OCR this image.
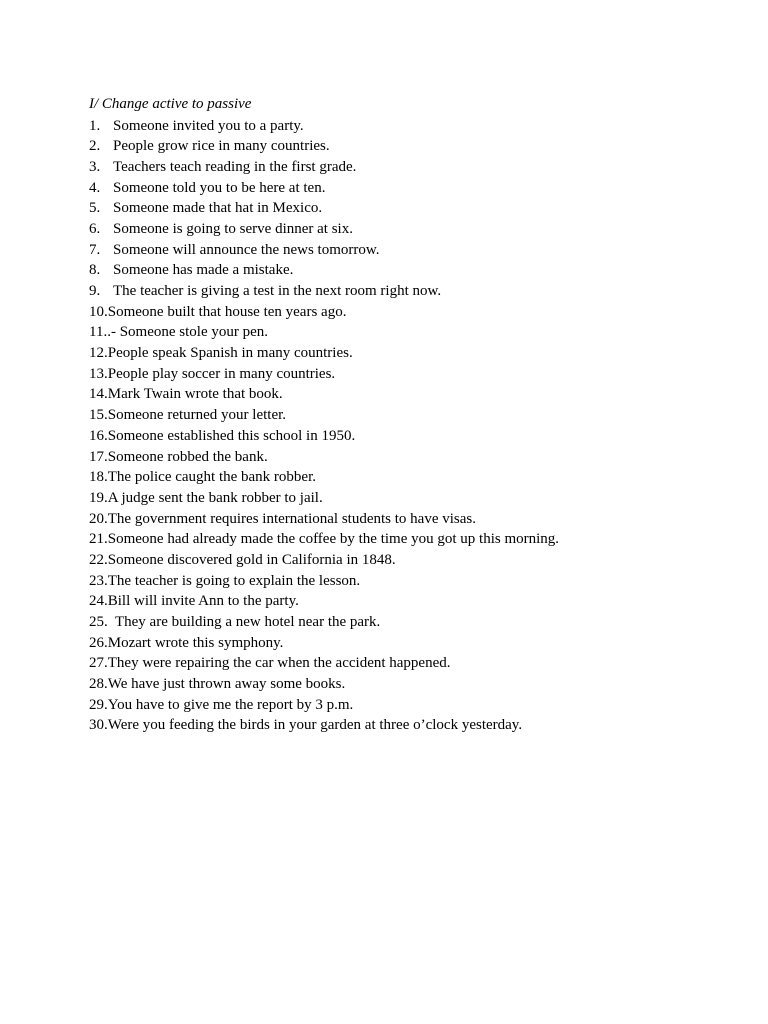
I/ Change active to passive
1. Someone invited you to a party.
2. People grow rice in many countries.
3. Teachers teach reading in the first grade.
4. Someone told you to be here at ten.
5. Someone made that hat in Mexico.
6. Someone is going to serve dinner at six.
7. Someone will announce the news tomorrow.
8. Someone has made a mistake.
9. The teacher is giving a test in the next room right now.
10. Someone built that house ten years ago.
11..- Someone stole your pen.
12. People speak Spanish in many countries.
13. People play soccer in many countries.
14. Mark Twain wrote that book.
15. Someone returned your letter.
16. Someone established this school in 1950.
17. Someone robbed the bank.
18. The police caught the bank robber.
19. A judge sent the bank robber to jail.
20. The government requires international students to have visas.
21. Someone had already made the coffee by the time you got up this morning.
22. Someone discovered gold in California in 1848.
23. The teacher is going to explain the lesson.
24. Bill will invite Ann to the party.
25. They are building a new hotel near the park.
26. Mozart wrote this symphony.
27. They were repairing the car when the accident happened.
28. We have just thrown away some books.
29. You have to give me the report by 3 p.m.
30. Were you feeding the birds in your garden at three o’clock yesterday.
